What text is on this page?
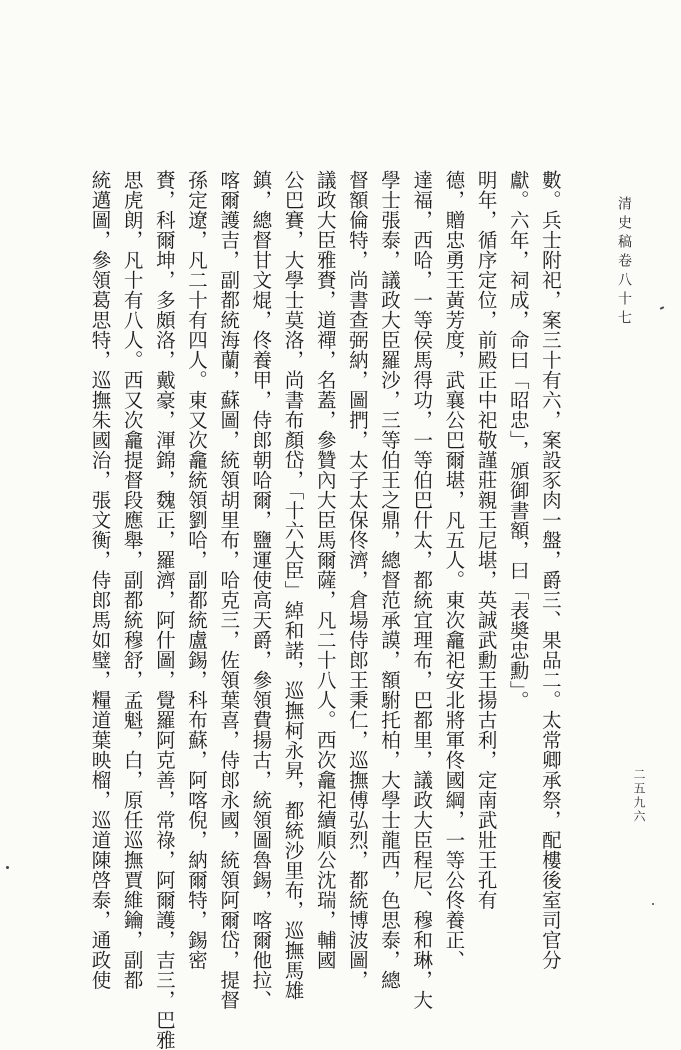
清史稿卷八十七
二五九六
數。兵士附祀，案三十有六，案設豕肉一盤，爵三、果品二。太常卿承祭，配樓後室司官分
獻。六年，祠成，命曰「昭忠」，頒御書額，曰「表奬忠勳」。
明年，循序定位，前殿正中祀敬謹莊親王尼堪，英誠武勳王揚古利，定南武壯王孔有
德，贈忠勇王黃芳度，武襄公巴爾堪，凡五人。東次龕祀安北將軍佟國綱，一等公佟養正、
達福，西哈，一等侯馬得功，一等伯巴什太，都統宜理布，巴都里，議政大臣程尼、穆和琳，大
學士張泰，議政大臣羅沙，三等伯王之鼎，總督范承謨，額駙托柏，大學士龍西，色思泰，總
督額倫特，尚書查弼納，圖捫，太子太保佟濟，倉場侍郎王秉仁，巡撫傅弘烈，都統博波圖，
議政大臣雅賚，道禪，名蓋，參贊內大臣馬爾薩，凡二十八人。西次龕祀續順公沈瑞，輔國
公巴賽，大學士莫洛，尚書布顏岱，「十六大臣」綽和諾，巡撫柯永昇，都統沙里布，巡撫馬雄
鎮，總督甘文焜，佟養甲，侍郎朝哈爾，鹽運使高天爵，參領費揚古，統領圖魯錫，喀爾他拉、
喀爾護吉，副都統海蘭，蘇圖，統領胡里布，哈克三，佐領葉喜，侍郎永國，統領阿爾岱，提督
孫定遼，凡二十有四人。東又次龕統領劉哈，副都統盧錫，科布蘇，阿喀倪，納爾特，錫密
賚，科爾坤，多頗洛，戴豪，渾錦，魏正，羅濟，阿什圖，覺羅阿克善，常祿，阿爾護，吉三，巴雅
思虎朗，凡十有八人。西又次龕提督段應舉，副都統穆舒，孟魁，白，原任巡撫賈維鑰，副都
統邁圖，參領葛思特，巡撫朱國治，張文衡，侍郎馬如璧，糧道葉映榴，巡道陳啓泰，通政使
